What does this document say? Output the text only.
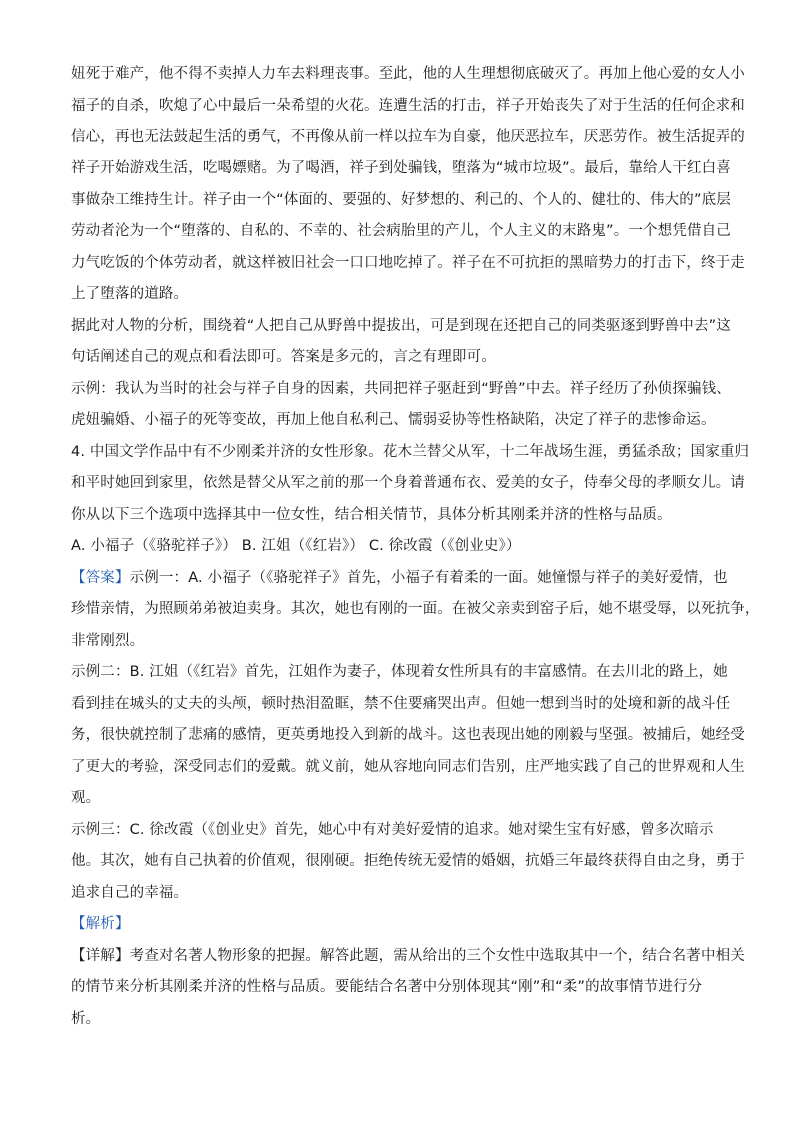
妞死于难产，他不得不卖掉人力车去料理丧事。至此，他的人生理想彻底破灭了。再加上他心爱的女人小
福子的自杀，吹熄了心中最后一朵希望的火花。连遭生活的打击，祥子开始丧失了对于生活的任何企求和
信心，再也无法鼓起生活的勇气，不再像从前一样以拉车为自豪，他厌恶拉车，厌恶劳作。被生活捉弄的
祥子开始游戏生活，吃喝嫖赌。为了喝酒，祥子到处骗钱，堕落为“城市垃圾”。最后，靠给人干红白喜
事做杂工维持生计。祥子由一个“体面的、要强的、好梦想的、利己的、个人的、健壮的、伟大的”底层
劳动者沦为一个“堕落的、自私的、不幸的、社会病胎里的产儿，个人主义的末路鬼”。一个想凭借自己
力气吃饭的个体劳动者，就这样被旧社会一口口地吃掉了。祥子在不可抗拒的黑暗势力的打击下，终于走
上了堕落的道路。
据此对人物的分析，围绕着“人把自己从野兽中提拔出，可是到现在还把自己的同类驱逐到野兽中去”这
句话阐述自己的观点和看法即可。答案是多元的，言之有理即可。
示例：我认为当时的社会与祥子自身的因素，共同把祥子驱赶到“野兽”中去。祥子经历了孙侦探骗钱、
虎妞骗婚、小福子的死等变故，再加上他自私利己、懦弱妥协等性格缺陷，决定了祥子的悲惨命运。
4. 中国文学作品中有不少刚柔并济的女性形象。花木兰替父从军，十二年战场生涯，勇猛杀敌；国家重归
和平时她回到家里，依然是替父从军之前的那一个身着普通布衣、爱美的女子，侍奉父母的孝顺女儿。请
你从以下三个选项中选择其中一位女性，结合相关情节，具体分析其刚柔并济的性格与品质。
A. 小福子（《骆驼祥子》） B. 江姐（《红岩》） C. 徐改霞（《创业史》）
【答案】示例一：A. 小福子（《骆驼祥子》首先，小福子有着柔的一面。她憧憬与祥子的美好爱情，也
珍惜亲情，为照顾弟弟被迫卖身。其次，她也有刚的一面。在被父亲卖到窑子后，她不堪受辱，以死抗争，
非常刚烈。
示例二：B. 江姐（《红岩》首先，江姐作为妻子，体现着女性所具有的丰富感情。在去川北的路上，她
看到挂在城头的丈夫的头颅，顿时热泪盈眶，禁不住要痛哭出声。但她一想到当时的处境和新的战斗任
务，很快就控制了悲痛的感情，更英勇地投入到新的战斗。这也表现出她的刚毅与坚强。被捕后，她经受
了更大的考验，深受同志们的爱戴。就义前，她从容地向同志们告别，庄严地实践了自己的世界观和人生
观。
示例三：C. 徐改霞（《创业史》首先，她心中有对美好爱情的追求。她对梁生宝有好感，曾多次暗示
他。其次，她有自己执着的价值观，很刚硬。拒绝传统无爱情的婚姻，抗婚三年最终获得自由之身，勇于
追求自己的幸福。
【解析】
【详解】考查对名著人物形象的把握。解答此题，需从给出的三个女性中选取其中一个，结合名著中相关
的情节来分析其刚柔并济的性格与品质。要能结合名著中分别体现其“刚”和“柔”的故事情节进行分
析。
